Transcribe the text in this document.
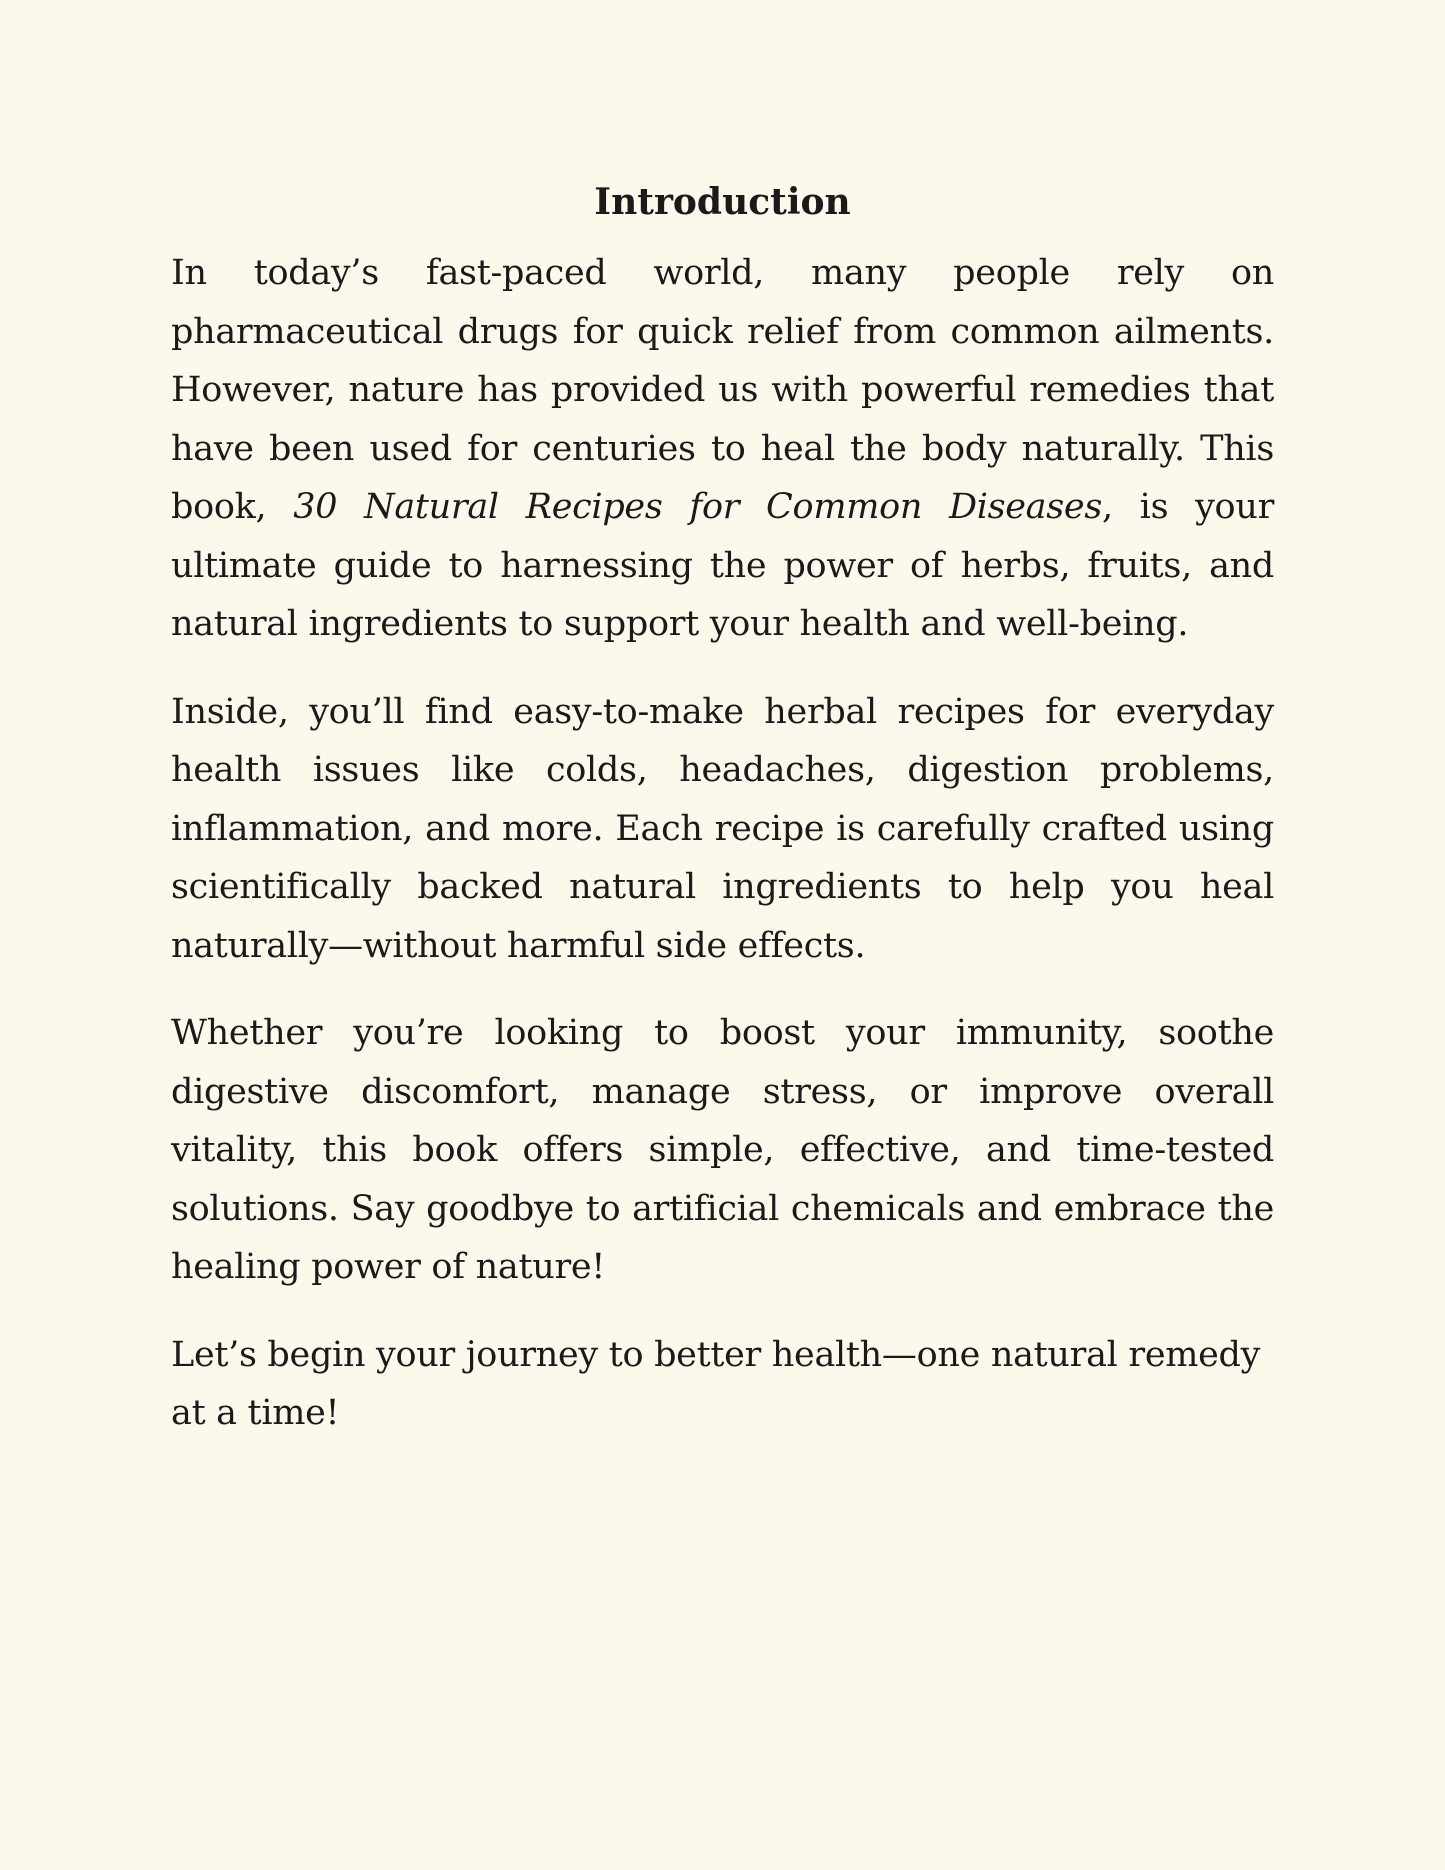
Introduction

In today’s fast-paced world, many people rely on pharmaceutical drugs for quick relief from common ailments. However, nature has provided us with powerful remedies that have been used for centuries to heal the body naturally. This book, 30 Natural Recipes for Common Diseases, is your ultimate guide to harnessing the power of herbs, fruits, and natural ingredients to support your health and well-being.

Inside, you’ll find easy-to-make herbal recipes for everyday health issues like colds, headaches, digestion problems, inflammation, and more. Each recipe is carefully crafted using scientifically backed natural ingredients to help you heal naturally—without harmful side effects.

Whether you’re looking to boost your immunity, soothe digestive discomfort, manage stress, or improve overall vitality, this book offers simple, effective, and time-tested solutions. Say goodbye to artificial chemicals and embrace the healing power of nature!

Let’s begin your journey to better health—one natural remedy at a time!
